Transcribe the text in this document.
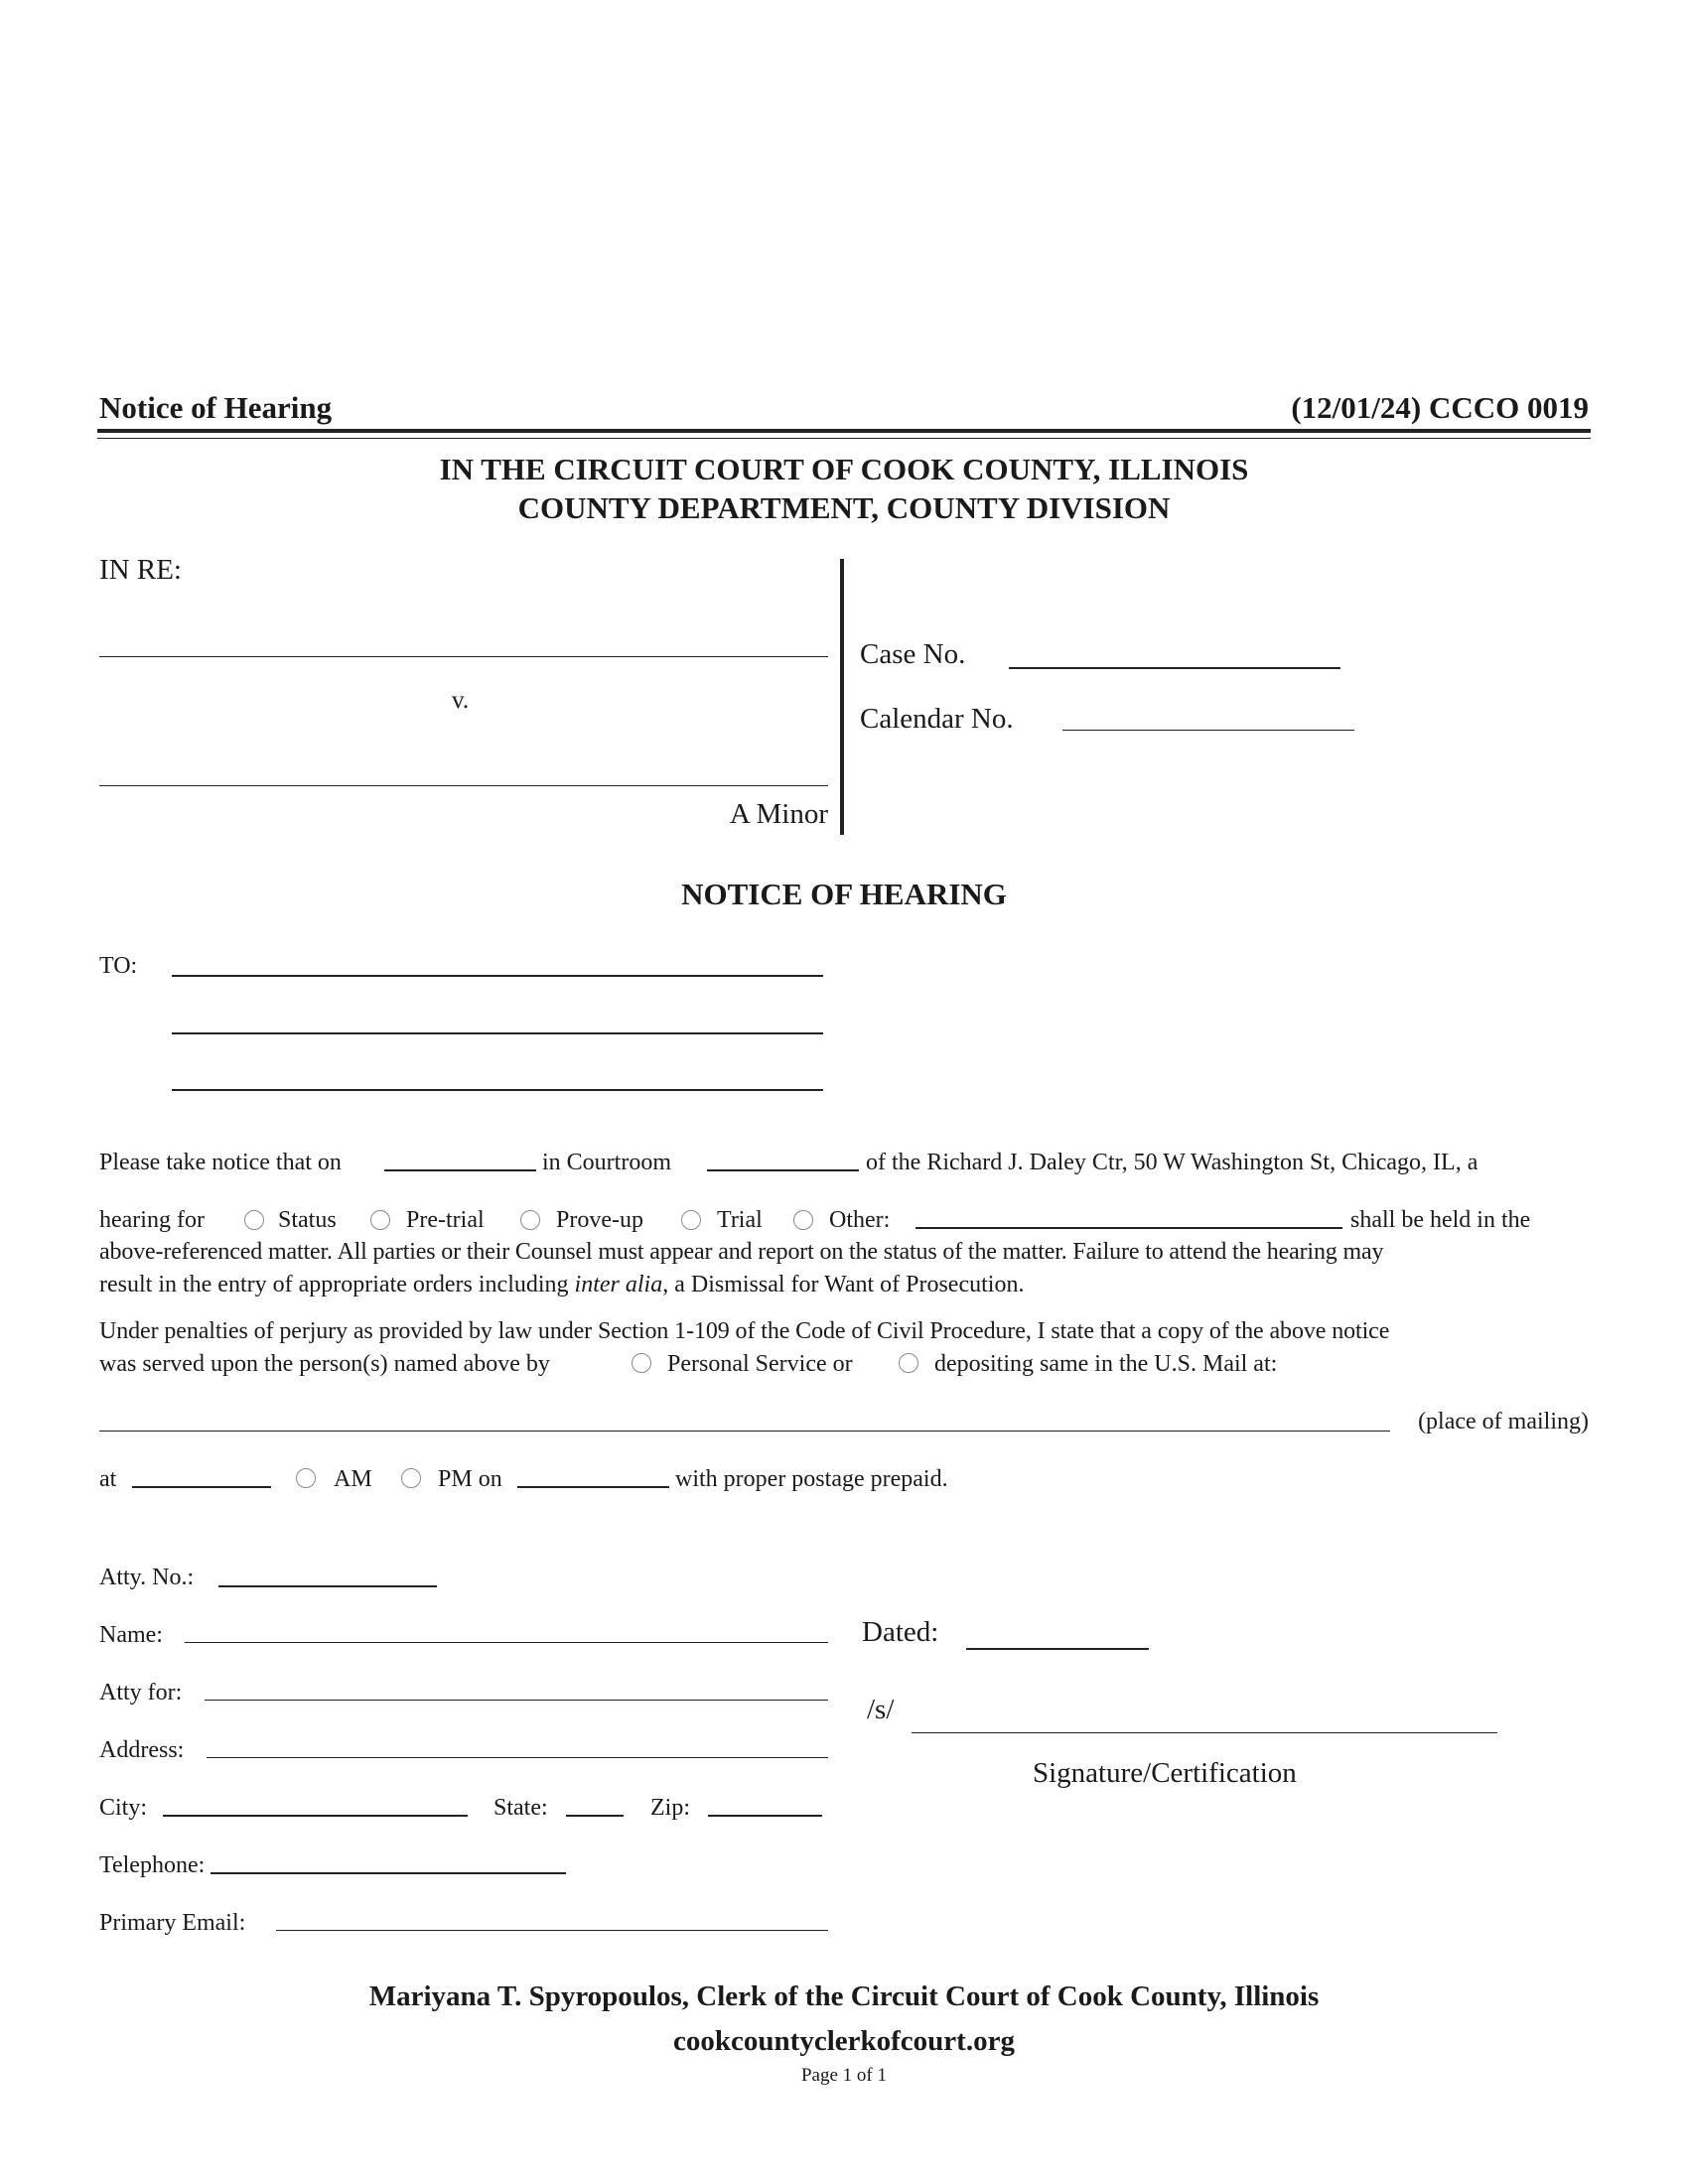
Notice of Hearing	(12/01/24) CCCO 0019
IN THE CIRCUIT COURT OF COOK COUNTY, ILLINOIS
COUNTY DEPARTMENT, COUNTY DIVISION
IN RE:
v.
A Minor
Case No.
Calendar No.
NOTICE OF HEARING
TO:
Please take notice that on	in Courtroom	of the Richard J. Daley Ctr, 50 W Washington St, Chicago, IL, a
hearing for	Status	Pre-trial	Prove-up	Trial	Other:	shall be held in the
above-referenced matter. All parties or their Counsel must appear and report on the status of the matter. Failure to attend the hearing may
result in the entry of appropriate orders including inter alia, a Dismissal for Want of Prosecution.
Under penalties of perjury as provided by law under Section 1-109 of the Code of Civil Procedure, I state that a copy of the above notice
was served upon the person(s) named above by	Personal Service or	depositing same in the U.S. Mail at:
(place of mailing)
at	AM	PM on	with proper postage prepaid.
Atty. No.:
Name:
Atty for:
Address:
City:	State:	Zip:
Telephone:
Primary Email:
Dated:
/s/
Signature/Certification
Mariyana T. Spyropoulos, Clerk of the Circuit Court of Cook County, Illinois
cookcountyclerkofcourt.org
Page 1 of 1
